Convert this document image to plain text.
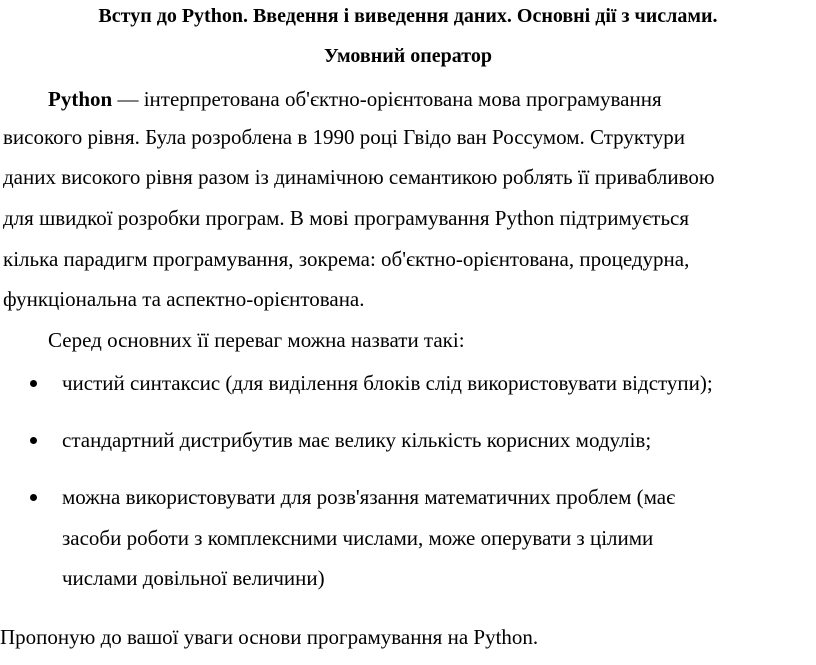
Вступ до Python. Введення і виведення даних. Основні дії з числами.
Умовний оператор
Python — інтерпретована об'єктно-орієнтована мова програмування
високого рівня. Була розроблена в 1990 році Гвідо ван Россумом. Структури
даних високого рівня разом із динамічною семантикою роблять її привабливою
для швидкої розробки програм. В мові програмування Python підтримується
кілька парадигм програмування, зокрема: об'єктно-орієнтована, процедурна,
функціональна та аспектно-орієнтована.
Серед основних її переваг можна назвати такі:
чистий синтаксис (для виділення блоків слід використовувати відступи);
стандартний дистрибутив має велику кількість корисних модулів;
можна використовувати для розв'язання математичних проблем (має
засоби роботи з комплексними числами, може оперувати з цілими
числами довільної величини)
Пропоную до вашої уваги основи програмування на Python.
